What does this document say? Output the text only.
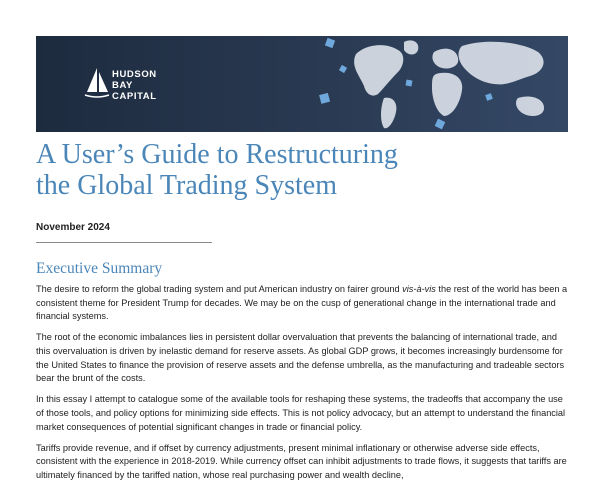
HUDSON
BAY
CAPITAL
A User’s Guide to Restructuring
the Global Trading System
November 2024
Executive Summary

The desire to reform the global trading system and put American industry on fairer ground vis-à-vis the rest of the world has been a consistent theme for President Trump for decades. We may be on the cusp of generational change in the international trade and financial systems.

The root of the economic imbalances lies in persistent dollar overvaluation that prevents the balancing of international trade, and this overvaluation is driven by inelastic demand for reserve assets. As global GDP grows, it becomes increasingly burdensome for the United States to finance the provision of reserve assets and the defense umbrella, as the manufacturing and tradeable sectors bear the brunt of the costs.

In this essay I attempt to catalogue some of the available tools for reshaping these systems, the tradeoffs that accompany the use of those tools, and policy options for minimizing side effects. This is not policy advocacy, but an attempt to understand the financial market consequences of potential significant changes in trade or financial policy.

Tariffs provide revenue, and if offset by currency adjustments, present minimal inflationary or otherwise adverse side effects, consistent with the experience in 2018-2019. While currency offset can inhibit adjustments to trade flows, it suggests that tariffs are ultimately financed by the tariffed nation, whose real purchasing power and wealth decline,
